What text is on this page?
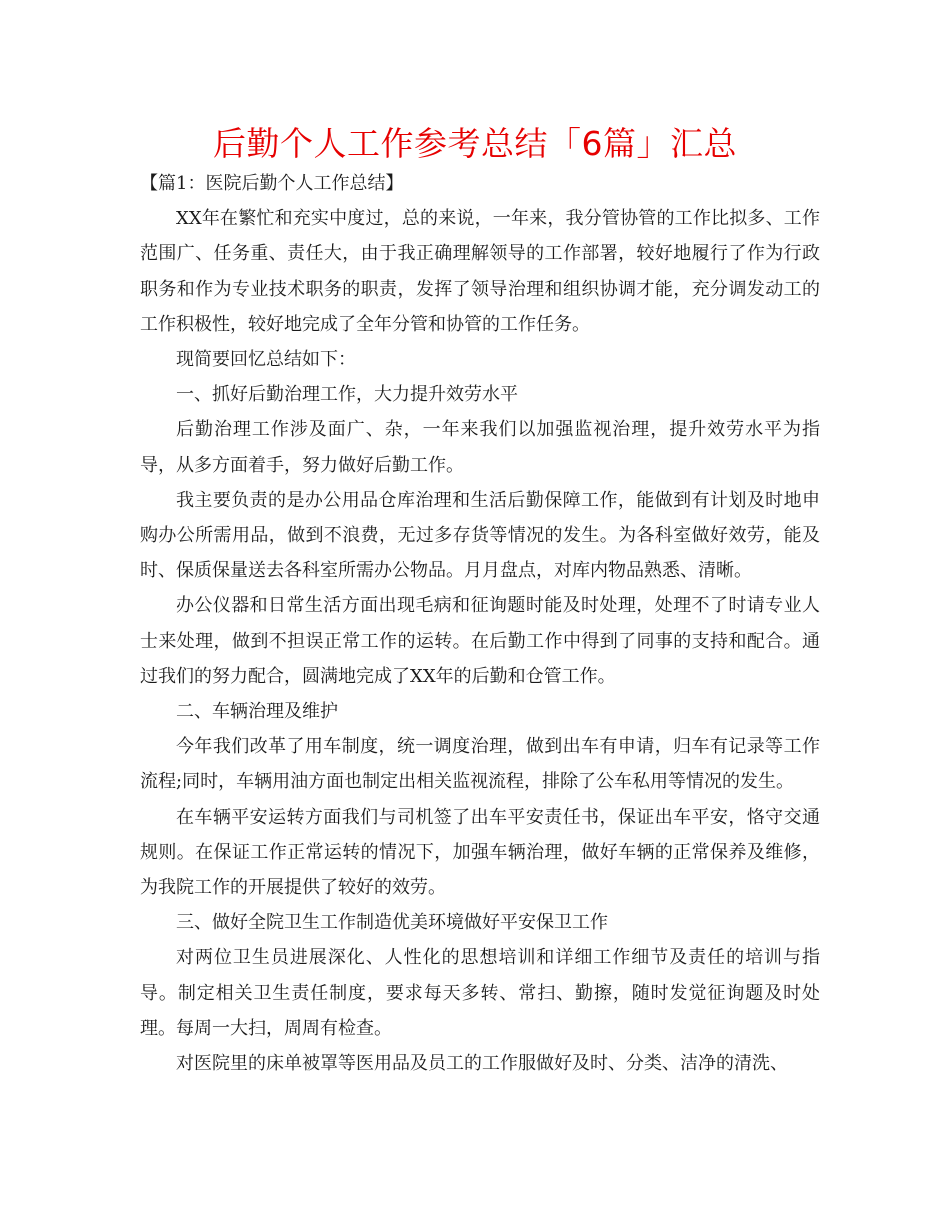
后勤个人工作参考总结「6篇」汇总

【篇1：医院后勤个人工作总结】

XX年在繁忙和充实中度过，总的来说，一年来，我分管协管的工作比拟多、工作范围广、任务重、责任大，由于我正确理解领导的工作部署，较好地履行了作为行政职务和作为专业技术职务的职责，发挥了领导治理和组织协调才能，充分调发动工的工作积极性，较好地完成了全年分管和协管的工作任务。

现简要回忆总结如下：

一、抓好后勤治理工作，大力提升效劳水平

后勤治理工作涉及面广、杂，一年来我们以加强监视治理，提升效劳水平为指导，从多方面着手，努力做好后勤工作。

我主要负责的是办公用品仓库治理和生活后勤保障工作，能做到有计划及时地申购办公所需用品，做到不浪费，无过多存货等情况的发生。为各科室做好效劳，能及时、保质保量送去各科室所需办公物品。月月盘点，对库内物品熟悉、清晰。

办公仪器和日常生活方面出现毛病和征询题时能及时处理，处理不了时请专业人士来处理，做到不担误正常工作的运转。在后勤工作中得到了同事的支持和配合。通过我们的努力配合，圆满地完成了XX年的后勤和仓管工作。

二、车辆治理及维护

今年我们改革了用车制度，统一调度治理，做到出车有申请，归车有记录等工作流程;同时，车辆用油方面也制定出相关监视流程，排除了公车私用等情况的发生。

在车辆平安运转方面我们与司机签了出车平安责任书，保证出车平安，恪守交通规则。在保证工作正常运转的情况下，加强车辆治理，做好车辆的正常保养及维修，为我院工作的开展提供了较好的效劳。

三、做好全院卫生工作制造优美环境做好平安保卫工作

对两位卫生员进展深化、人性化的思想培训和详细工作细节及责任的培训与指导。制定相关卫生责任制度，要求每天多转、常扫、勤擦，随时发觉征询题及时处理。每周一大扫，周周有检查。

对医院里的床单被罩等医用品及员工的工作服做好及时、分类、洁净的清洗、
